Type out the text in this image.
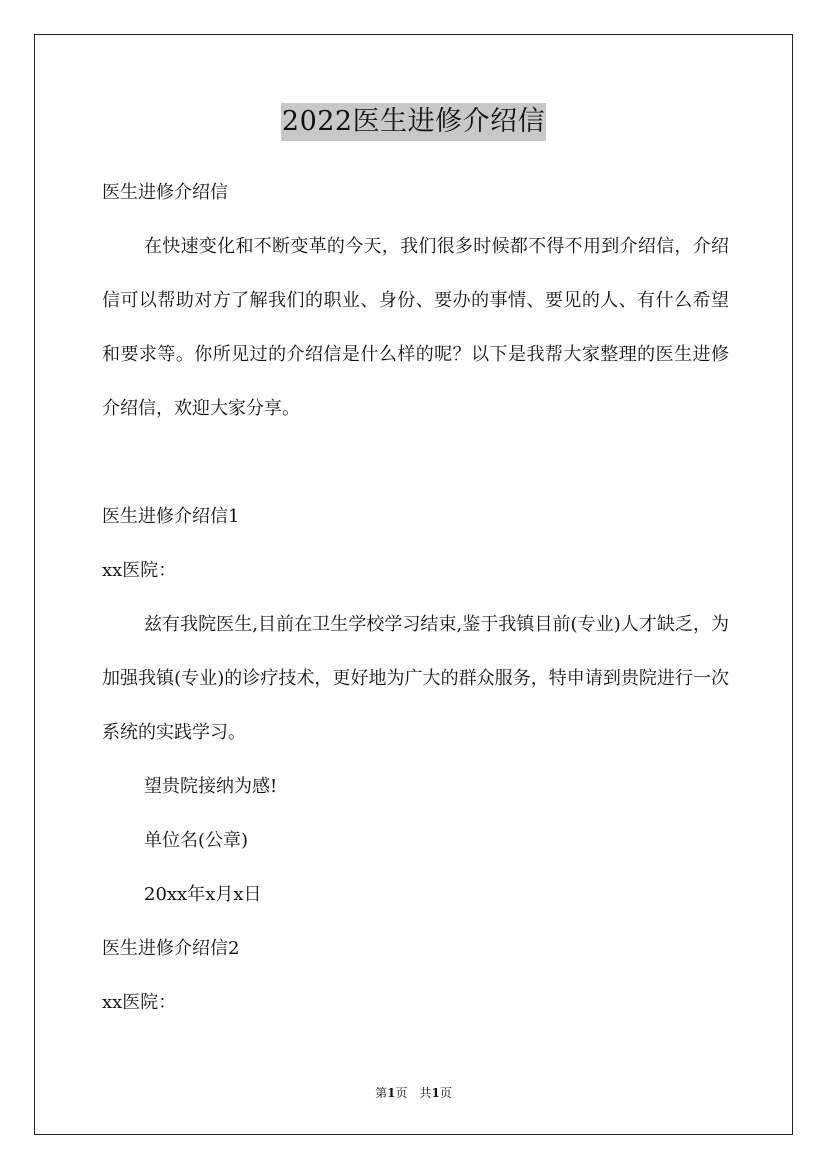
2022医生进修介绍信
医生进修介绍信
在快速变化和不断变革的今天，我们很多时候都不得不用到介绍信，介绍信可以帮助对方了解我们的职业、身份、要办的事情、要见的人、有什么希望和要求等。你所见过的介绍信是什么样的呢？以下是我帮大家整理的医生进修介绍信，欢迎大家分享。
医生进修介绍信1
xx医院：
兹有我院医生,目前在卫生学校学习结束,鉴于我镇目前(专业)人才缺乏，为加强我镇(专业)的诊疗技术，更好地为广大的群众服务，特申请到贵院进行一次系统的实践学习。
望贵院接纳为感!
单位名(公章)
20xx年x月x日
医生进修介绍信2
xx医院：
第1页　共1页
